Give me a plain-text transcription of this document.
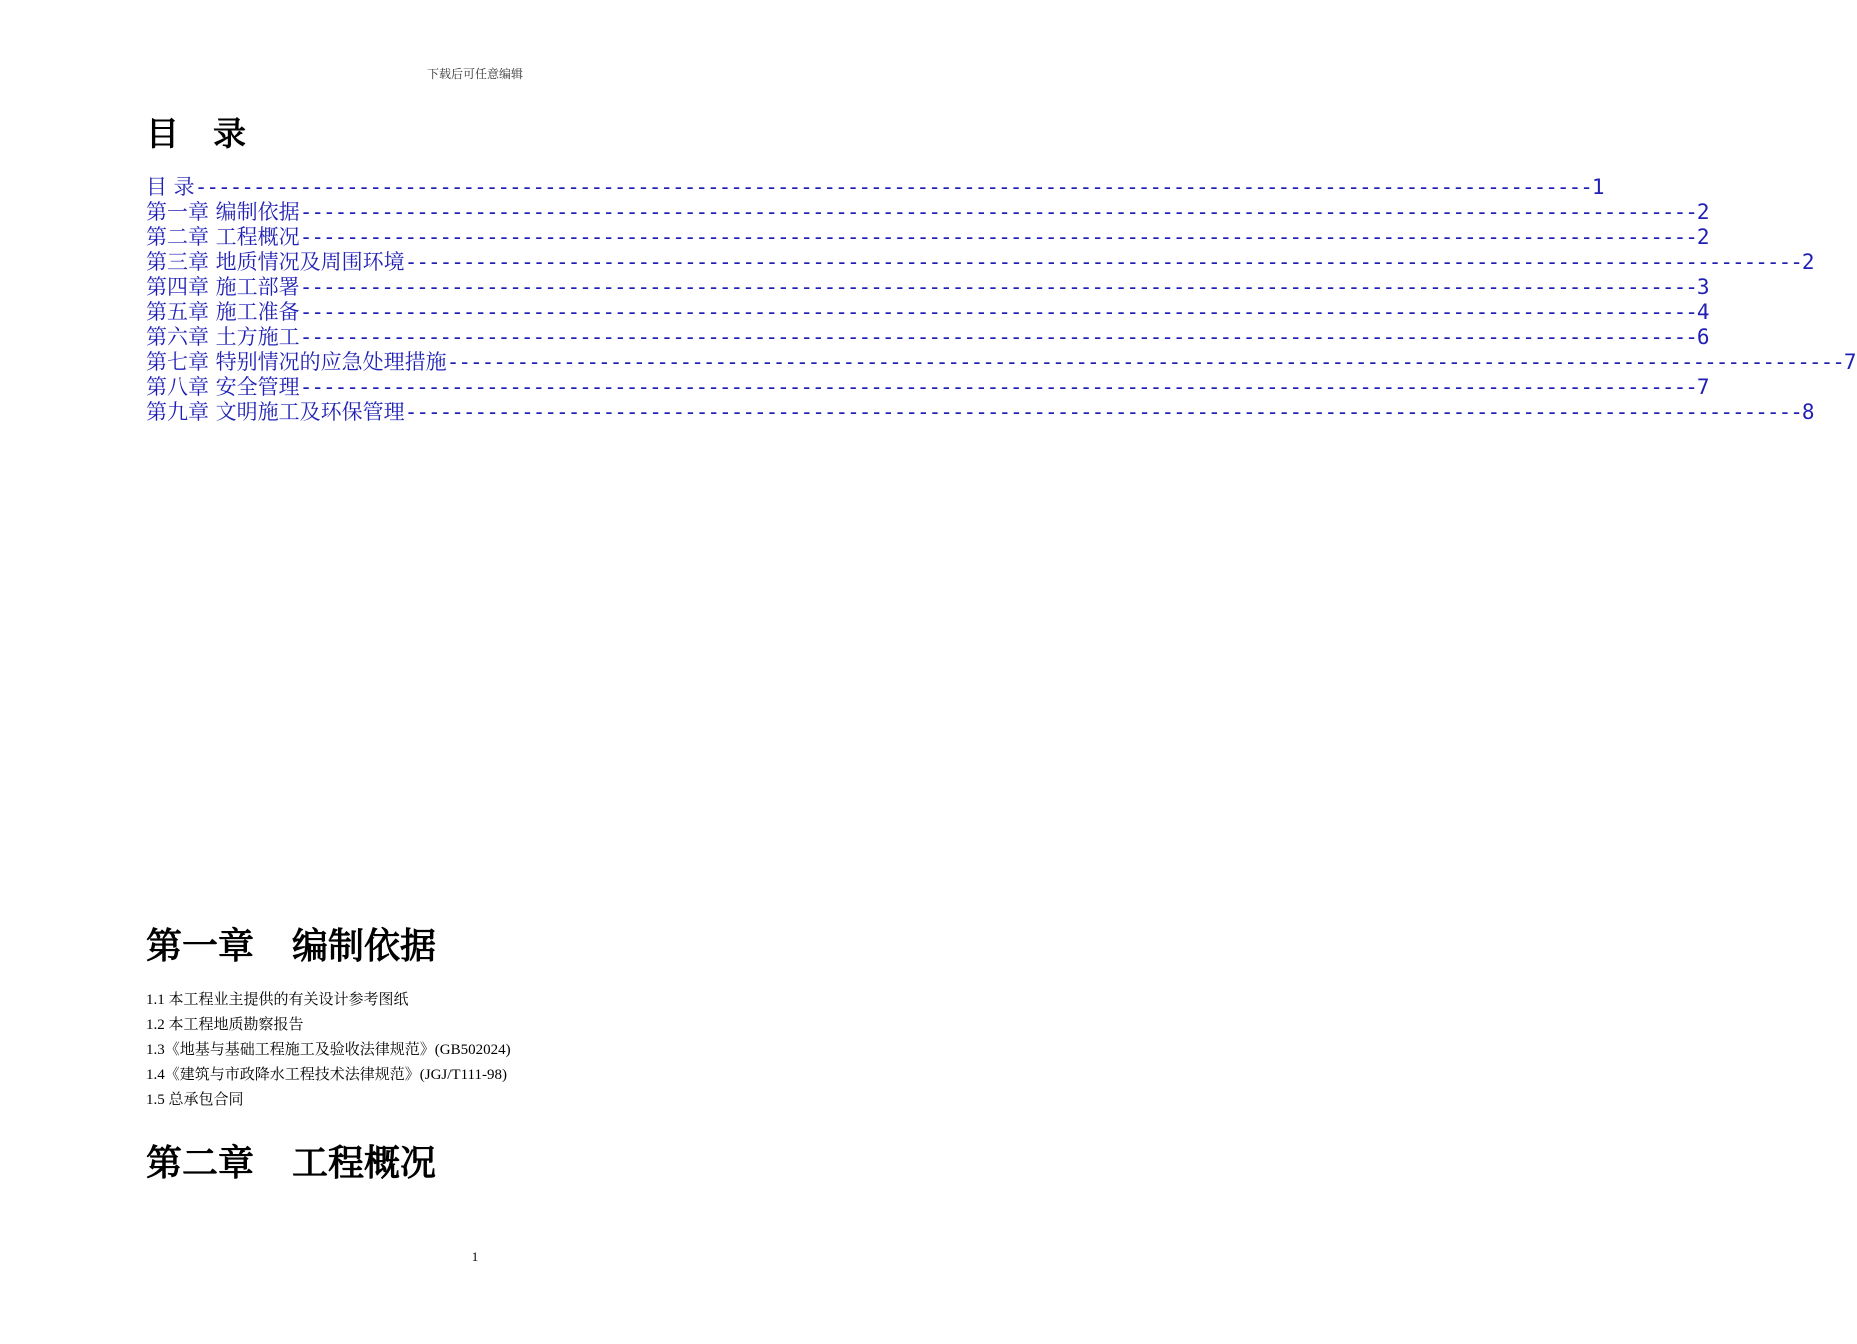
下载后可任意编辑
目 录
目 录 ------------------------------------------------------------------------------------------------------------------------ 1
第一章 编制依据 ------------------------------------------------------------------------------------------------------------------------ 2
第二章 工程概况 ------------------------------------------------------------------------------------------------------------------------ 2
第三章 地质情况及周围环境 ------------------------------------------------------------------------------------------------------------------------ 2
第四章 施工部署 ------------------------------------------------------------------------------------------------------------------------ 3
第五章 施工准备 ------------------------------------------------------------------------------------------------------------------------ 4
第六章 土方施工 ------------------------------------------------------------------------------------------------------------------------ 6
第七章 特别情况的应急处理措施 ------------------------------------------------------------------------------------------------------------------------ 7
第八章 安全管理 ------------------------------------------------------------------------------------------------------------------------ 7
第九章 文明施工及环保管理 ------------------------------------------------------------------------------------------------------------------------ 8
第一章 编制依据
1.1 本工程业主提供的有关设计参考图纸
1.2 本工程地质勘察报告
1.3《地基与基础工程施工及验收法律规范》(GB502024)
1.4《建筑与市政降水工程技术法律规范》(JGJ/T111-98)
1.5 总承包合同
第二章 工程概况
1
